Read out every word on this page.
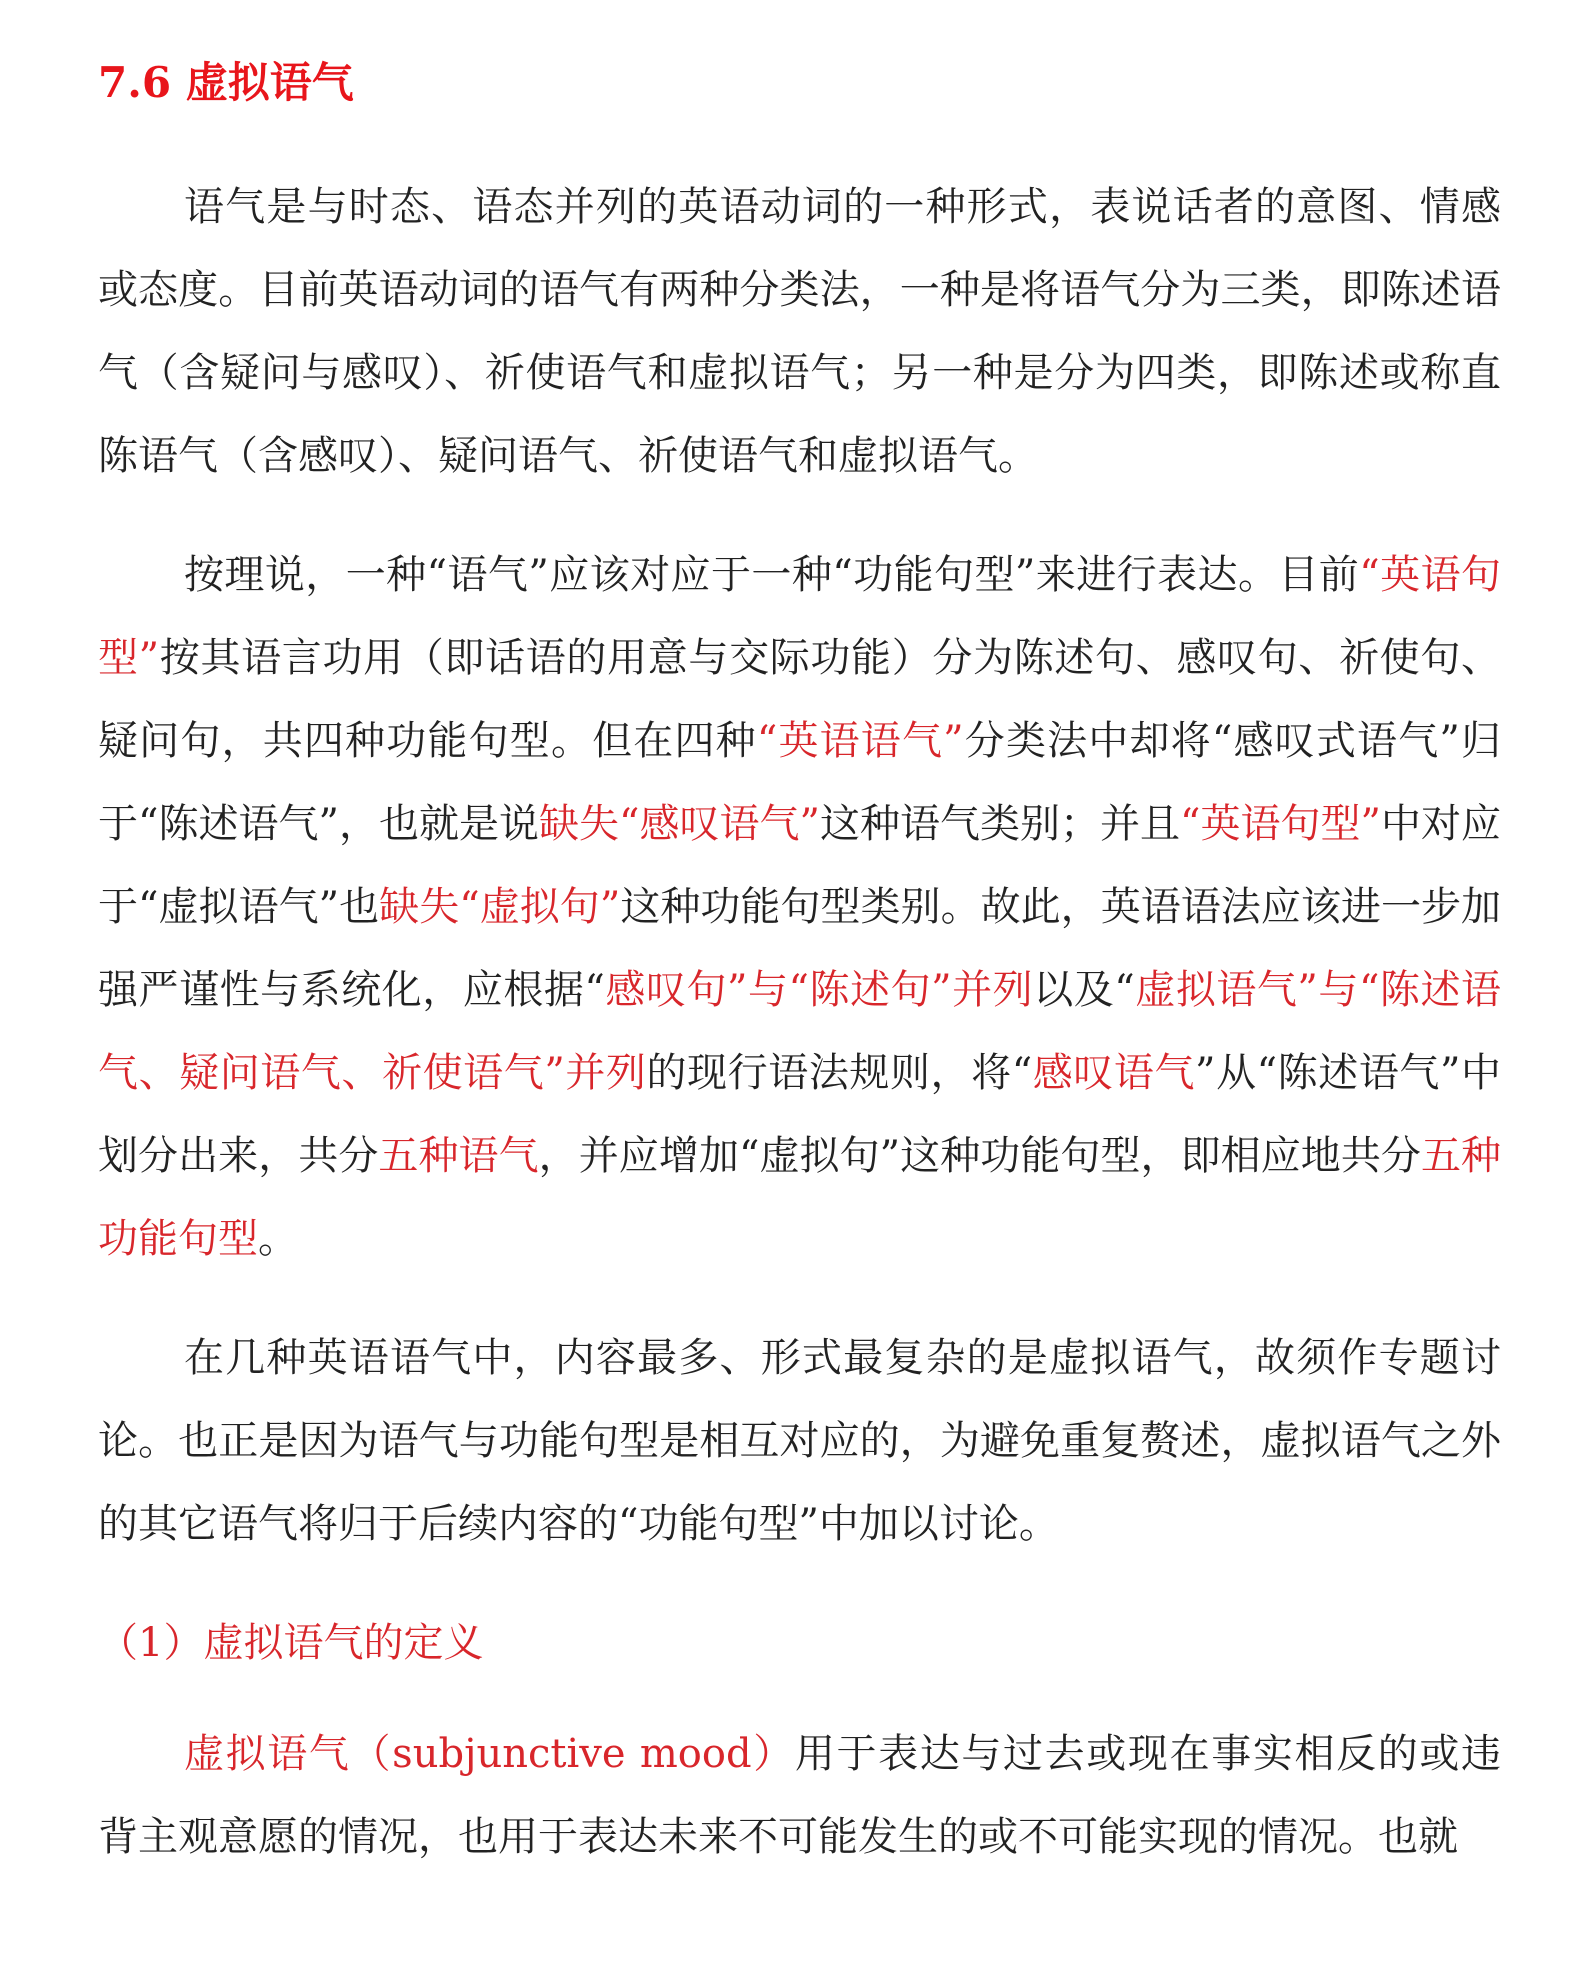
7.6 虚拟语气

语气是与时态、语态并列的英语动词的一种形式，表说话者的意图、情感或态度。目前英语动词的语气有两种分类法，一种是将语气分为三类，即陈述语气（含疑问与感叹）、祈使语气和虚拟语气；另一种是分为四类，即陈述或称直陈语气（含感叹）、疑问语气、祈使语气和虚拟语气。

按理说，一种“语气”应该对应于一种“功能句型”来进行表达。目前“英语句型”按其语言功用（即话语的用意与交际功能）分为陈述句、感叹句、祈使句、疑问句，共四种功能句型。但在四种“英语语气”分类法中却将“感叹式语气”归于“陈述语气”，也就是说缺失“感叹语气”这种语气类别；并且“英语句型”中对应于“虚拟语气”也缺失“虚拟句”这种功能句型类别。故此，英语语法应该进一步加强严谨性与系统化，应根据“感叹句”与“陈述句”并列以及“虚拟语气”与“陈述语气、疑问语气、祈使语气”并列的现行语法规则，将“感叹语气”从“陈述语气”中划分出来，共分五种语气，并应增加“虚拟句”这种功能句型，即相应地共分五种功能句型。

在几种英语语气中，内容最多、形式最复杂的是虚拟语气，故须作专题讨论。也正是因为语气与功能句型是相互对应的，为避免重复赘述，虚拟语气之外的其它语气将归于后续内容的“功能句型”中加以讨论。

（1）虚拟语气的定义

虚拟语气（subjunctive mood）用于表达与过去或现在事实相反的或违背主观意愿的情况，也用于表达未来不可能发生的或不可能实现的情况。也就
